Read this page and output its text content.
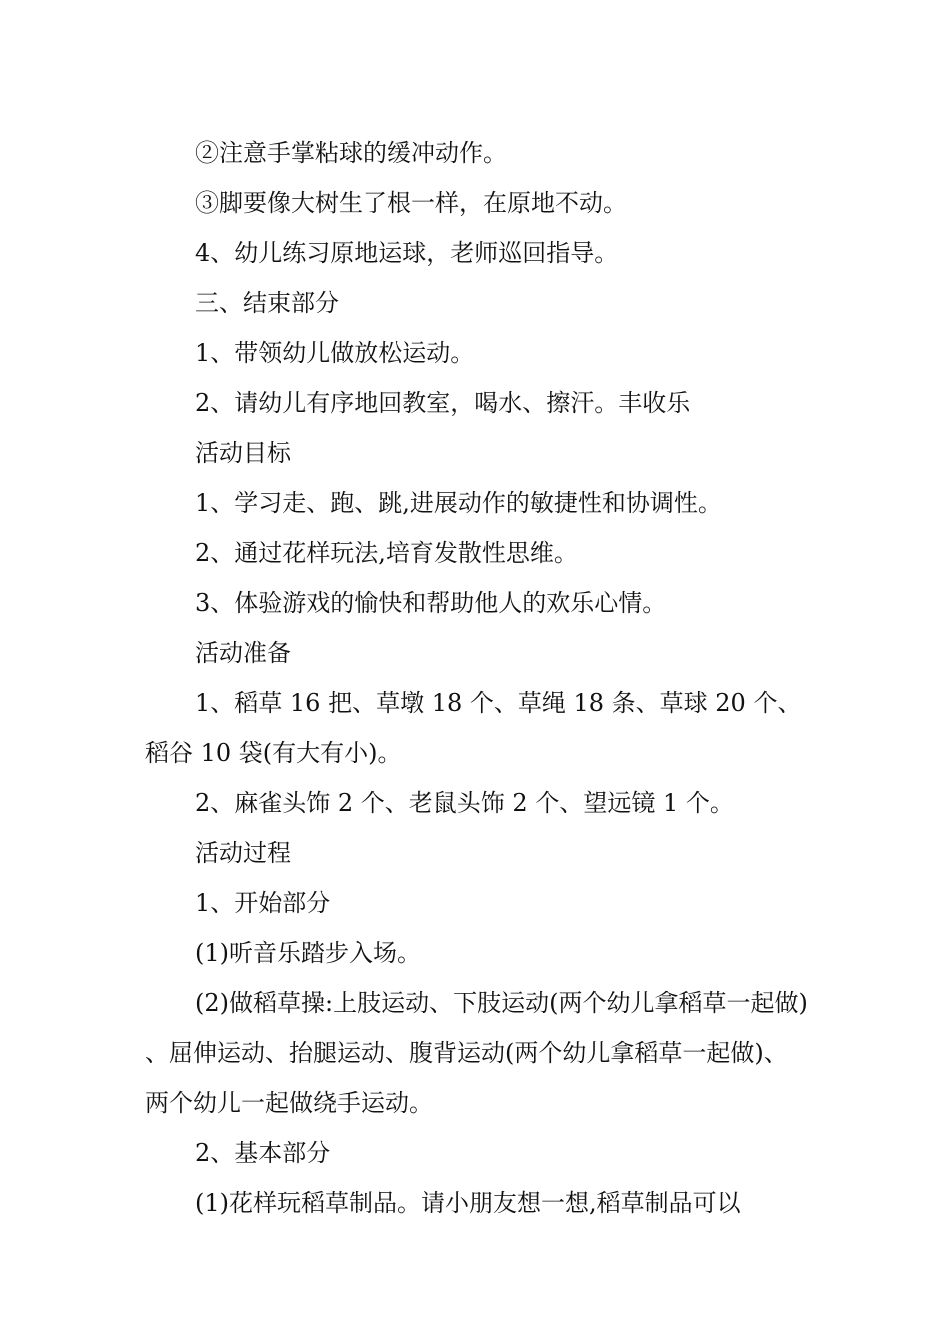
②注意手掌粘球的缓冲动作。

③脚要像大树生了根一样，在原地不动。

4、幼儿练习原地运球，老师巡回指导。

三、结束部分

1、带领幼儿做放松运动。

2、请幼儿有序地回教室，喝水、擦汗。丰收乐

活动目标

1、学习走、跑、跳,进展动作的敏捷性和协调性。

2、通过花样玩法,培育发散性思维。

3、体验游戏的愉快和帮助他人的欢乐心情。

活动准备

1、稻草 16 把、草墩 18 个、草绳 18 条、草球 20 个、稻谷 10 袋(有大有小)。

2、麻雀头饰 2 个、老鼠头饰 2 个、望远镜 1 个。

活动过程

1、开始部分

(1)听音乐踏步入场。

(2)做稻草操:上肢运动、下肢运动(两个幼儿拿稻草一起做)、屈伸运动、抬腿运动、腹背运动(两个幼儿拿稻草一起做)、两个幼儿一起做绕手运动。

2、基本部分

(1)花样玩稻草制品。请小朋友想一想,稻草制品可以
